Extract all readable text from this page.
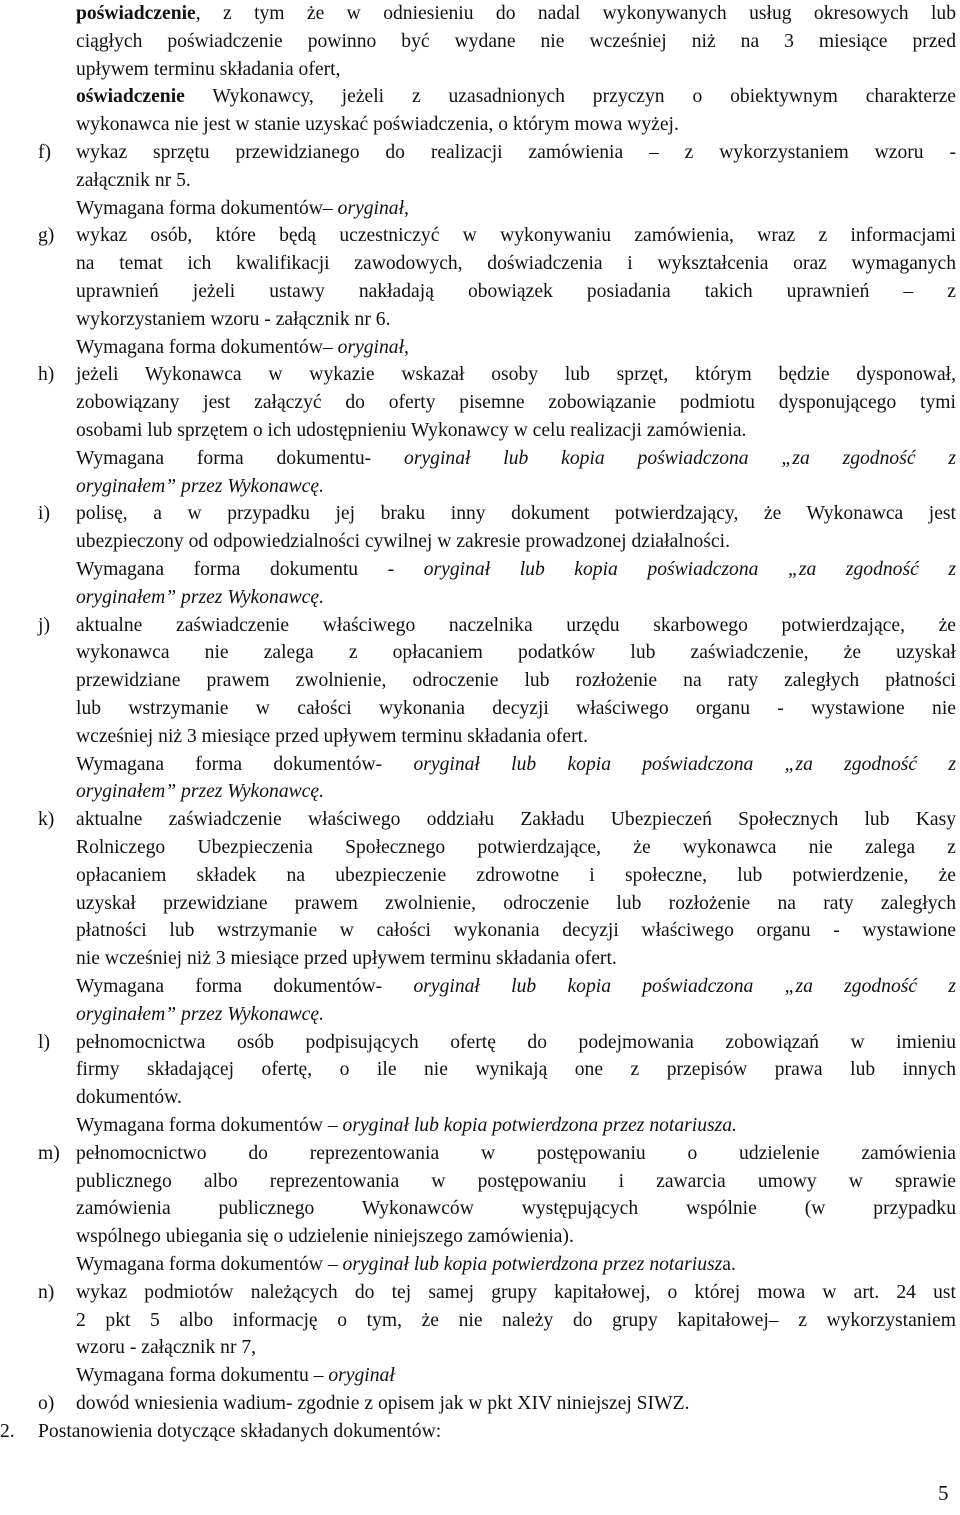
poświadczenie, z tym że w odniesieniu do nadal wykonywanych usług okresowych lub
ciągłych poświadczenie powinno być wydane nie wcześniej niż na 3 miesiące przed
upływem terminu składania ofert,
oświadczenie Wykonawcy, jeżeli z uzasadnionych przyczyn o obiektywnym charakterze
wykonawca nie jest w stanie uzyskać poświadczenia, o którym mowa wyżej.
f) wykaz sprzętu przewidzianego do realizacji zamówienia – z wykorzystaniem wzoru -
załącznik nr 5.
Wymagana forma dokumentów– oryginał,
g) wykaz osób, które będą uczestniczyć w wykonywaniu zamówienia, wraz z informacjami
na temat ich kwalifikacji zawodowych, doświadczenia i wykształcenia oraz wymaganych
uprawnień jeżeli ustawy nakładają obowiązek posiadania takich uprawnień – z
wykorzystaniem wzoru - załącznik nr 6.
Wymagana forma dokumentów– oryginał,
h) jeżeli Wykonawca w wykazie wskazał osoby lub sprzęt, którym będzie dysponował,
zobowiązany jest załączyć do oferty pisemne zobowiązanie podmiotu dysponującego tymi
osobami lub sprzętem o ich udostępnieniu Wykonawcy w celu realizacji zamówienia.
Wymagana forma dokumentu- oryginał lub kopia poświadczona „za zgodność z
oryginałem” przez Wykonawcę.
i) polisę, a w przypadku jej braku inny dokument potwierdzający, że Wykonawca jest
ubezpieczony od odpowiedzialności cywilnej w zakresie prowadzonej działalności.
Wymagana forma dokumentu - oryginał lub kopia poświadczona „za zgodność z
oryginałem” przez Wykonawcę.
j) aktualne zaświadczenie właściwego naczelnika urzędu skarbowego potwierdzające, że
wykonawca nie zalega z opłacaniem podatków lub zaświadczenie, że uzyskał
przewidziane prawem zwolnienie, odroczenie lub rozłożenie na raty zaległych płatności
lub wstrzymanie w całości wykonania decyzji właściwego organu - wystawione nie
wcześniej niż 3 miesiące przed upływem terminu składania ofert.
Wymagana forma dokumentów- oryginał lub kopia poświadczona „za zgodność z
oryginałem” przez Wykonawcę.
k) aktualne zaświadczenie właściwego oddziału Zakładu Ubezpieczeń Społecznych lub Kasy
Rolniczego Ubezpieczenia Społecznego potwierdzające, że wykonawca nie zalega z
opłacaniem składek na ubezpieczenie zdrowotne i społeczne, lub potwierdzenie, że
uzyskał przewidziane prawem zwolnienie, odroczenie lub rozłożenie na raty zaległych
płatności lub wstrzymanie w całości wykonania decyzji właściwego organu - wystawione
nie wcześniej niż 3 miesiące przed upływem terminu składania ofert.
Wymagana forma dokumentów- oryginał lub kopia poświadczona „za zgodność z
oryginałem” przez Wykonawcę.
l) pełnomocnictwa osób podpisujących ofertę do podejmowania zobowiązań w imieniu
firmy składającej ofertę, o ile nie wynikają one z przepisów prawa lub innych
dokumentów.
Wymagana forma dokumentów – oryginał lub kopia potwierdzona przez notariusza.
m) pełnomocnictwo do reprezentowania w postępowaniu o udzielenie zamówienia
publicznego albo reprezentowania w postępowaniu i zawarcia umowy w sprawie
zamówienia publicznego Wykonawców występujących wspólnie (w przypadku
wspólnego ubiegania się o udzielenie niniejszego zamówienia).
Wymagana forma dokumentów – oryginał lub kopia potwierdzona przez notariusza.
n) wykaz podmiotów należących do tej samej grupy kapitałowej, o której mowa w art. 24 ust
2 pkt 5 albo informację o tym, że nie należy do grupy kapitałowej– z wykorzystaniem
wzoru - załącznik nr 7,
Wymagana forma dokumentu – oryginał
o) dowód wniesienia wadium- zgodnie z opisem jak w pkt XIV niniejszej SIWZ.
2. Postanowienia dotyczące składanych dokumentów:
5
